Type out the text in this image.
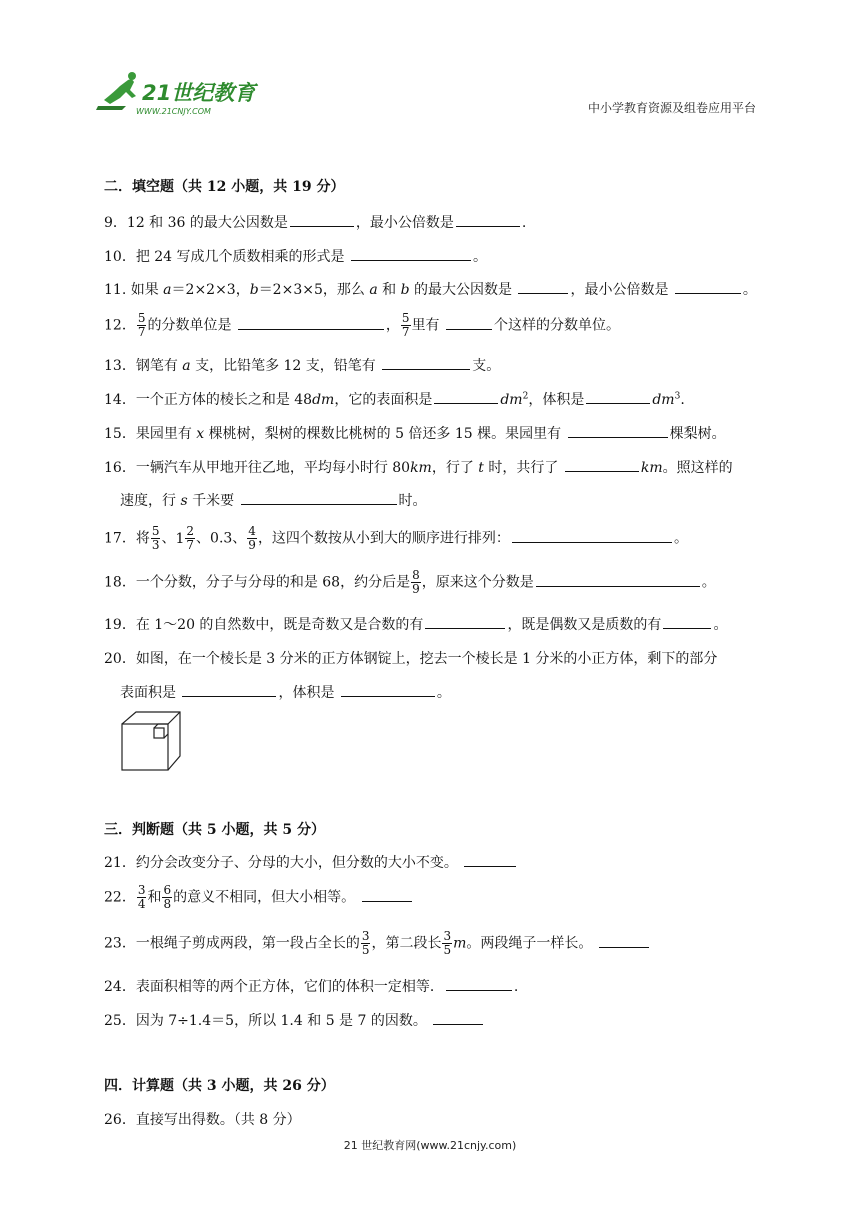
21世纪教育
WWW.21CNJY.COM	中小学教育资源及组卷应用平台
二．填空题（共 12 小题，共 19 分）
9．12 和 36 的最大公因数是	，最小公倍数是	.
10．把 24 写成几个质数相乘的形式是	。
11. 如果 a＝2×2×3，b＝2×3×5，那么 a 和 b 的最大公因数是	，最小公倍数是	。
12． $\frac{5}{7}$ 的分数单位是	， $\frac{5}{7}$ 里有	个这样的分数单位。
13．钢笔有 a 支，比铅笔多 12 支，铅笔有	支。
14．一个正方体的棱长之和是 48dm，它的表面积是	$dm^2$，体积是	$dm^3$.
15．果园里有 x 棵桃树，梨树的棵数比桃树的 5 倍还多 15 棵。果园里有	棵梨树。
16．一辆汽车从甲地开往乙地，平均每小时行 80km，行了 t 时，共行了	km。照这样的
速度，行 s 千米要	时。
17．将 $\frac{5}{3}$ 、 $1 \frac{2}{7}$ 、0.3、 $\frac{4}{9}$ ，这四个数按从小到大的顺序进行排列：	。
18．一个分数，分子与分母的和是 68，约分后是 $\frac{8}{9}$ ，原来这个分数是	。
19．在 1～20 的自然数中，既是奇数又是合数的有	，既是偶数又是质数的有	。
20．如图，在一个棱长是 3 分米的正方体钢锭上，挖去一个棱长是 1 分米的小正方体，剩下的部分
表面积是	，体积是	。
三．判断题（共 5 小题，共 5 分）
21．约分会改变分子、分母的大小，但分数的大小不变。
22． $\frac{3}{4}$ 和 $\frac{6}{8}$ 的意义不相同，但大小相等。
23．一根绳子剪成两段，第一段占全长的 $\frac{3}{5}$ ，第二段长 $\frac{3}{5}$ m。两段绳子一样长。
24．表面积相等的两个正方体，它们的体积一定相等．	.
25．因为 7÷1.4＝5，所以 1.4 和 5 是 7 的因数。
四．计算题（共 3 小题，共 26 分）
26．直接写出得数。（共 8 分）
21 世纪教育网(www.21cnjy.com)
